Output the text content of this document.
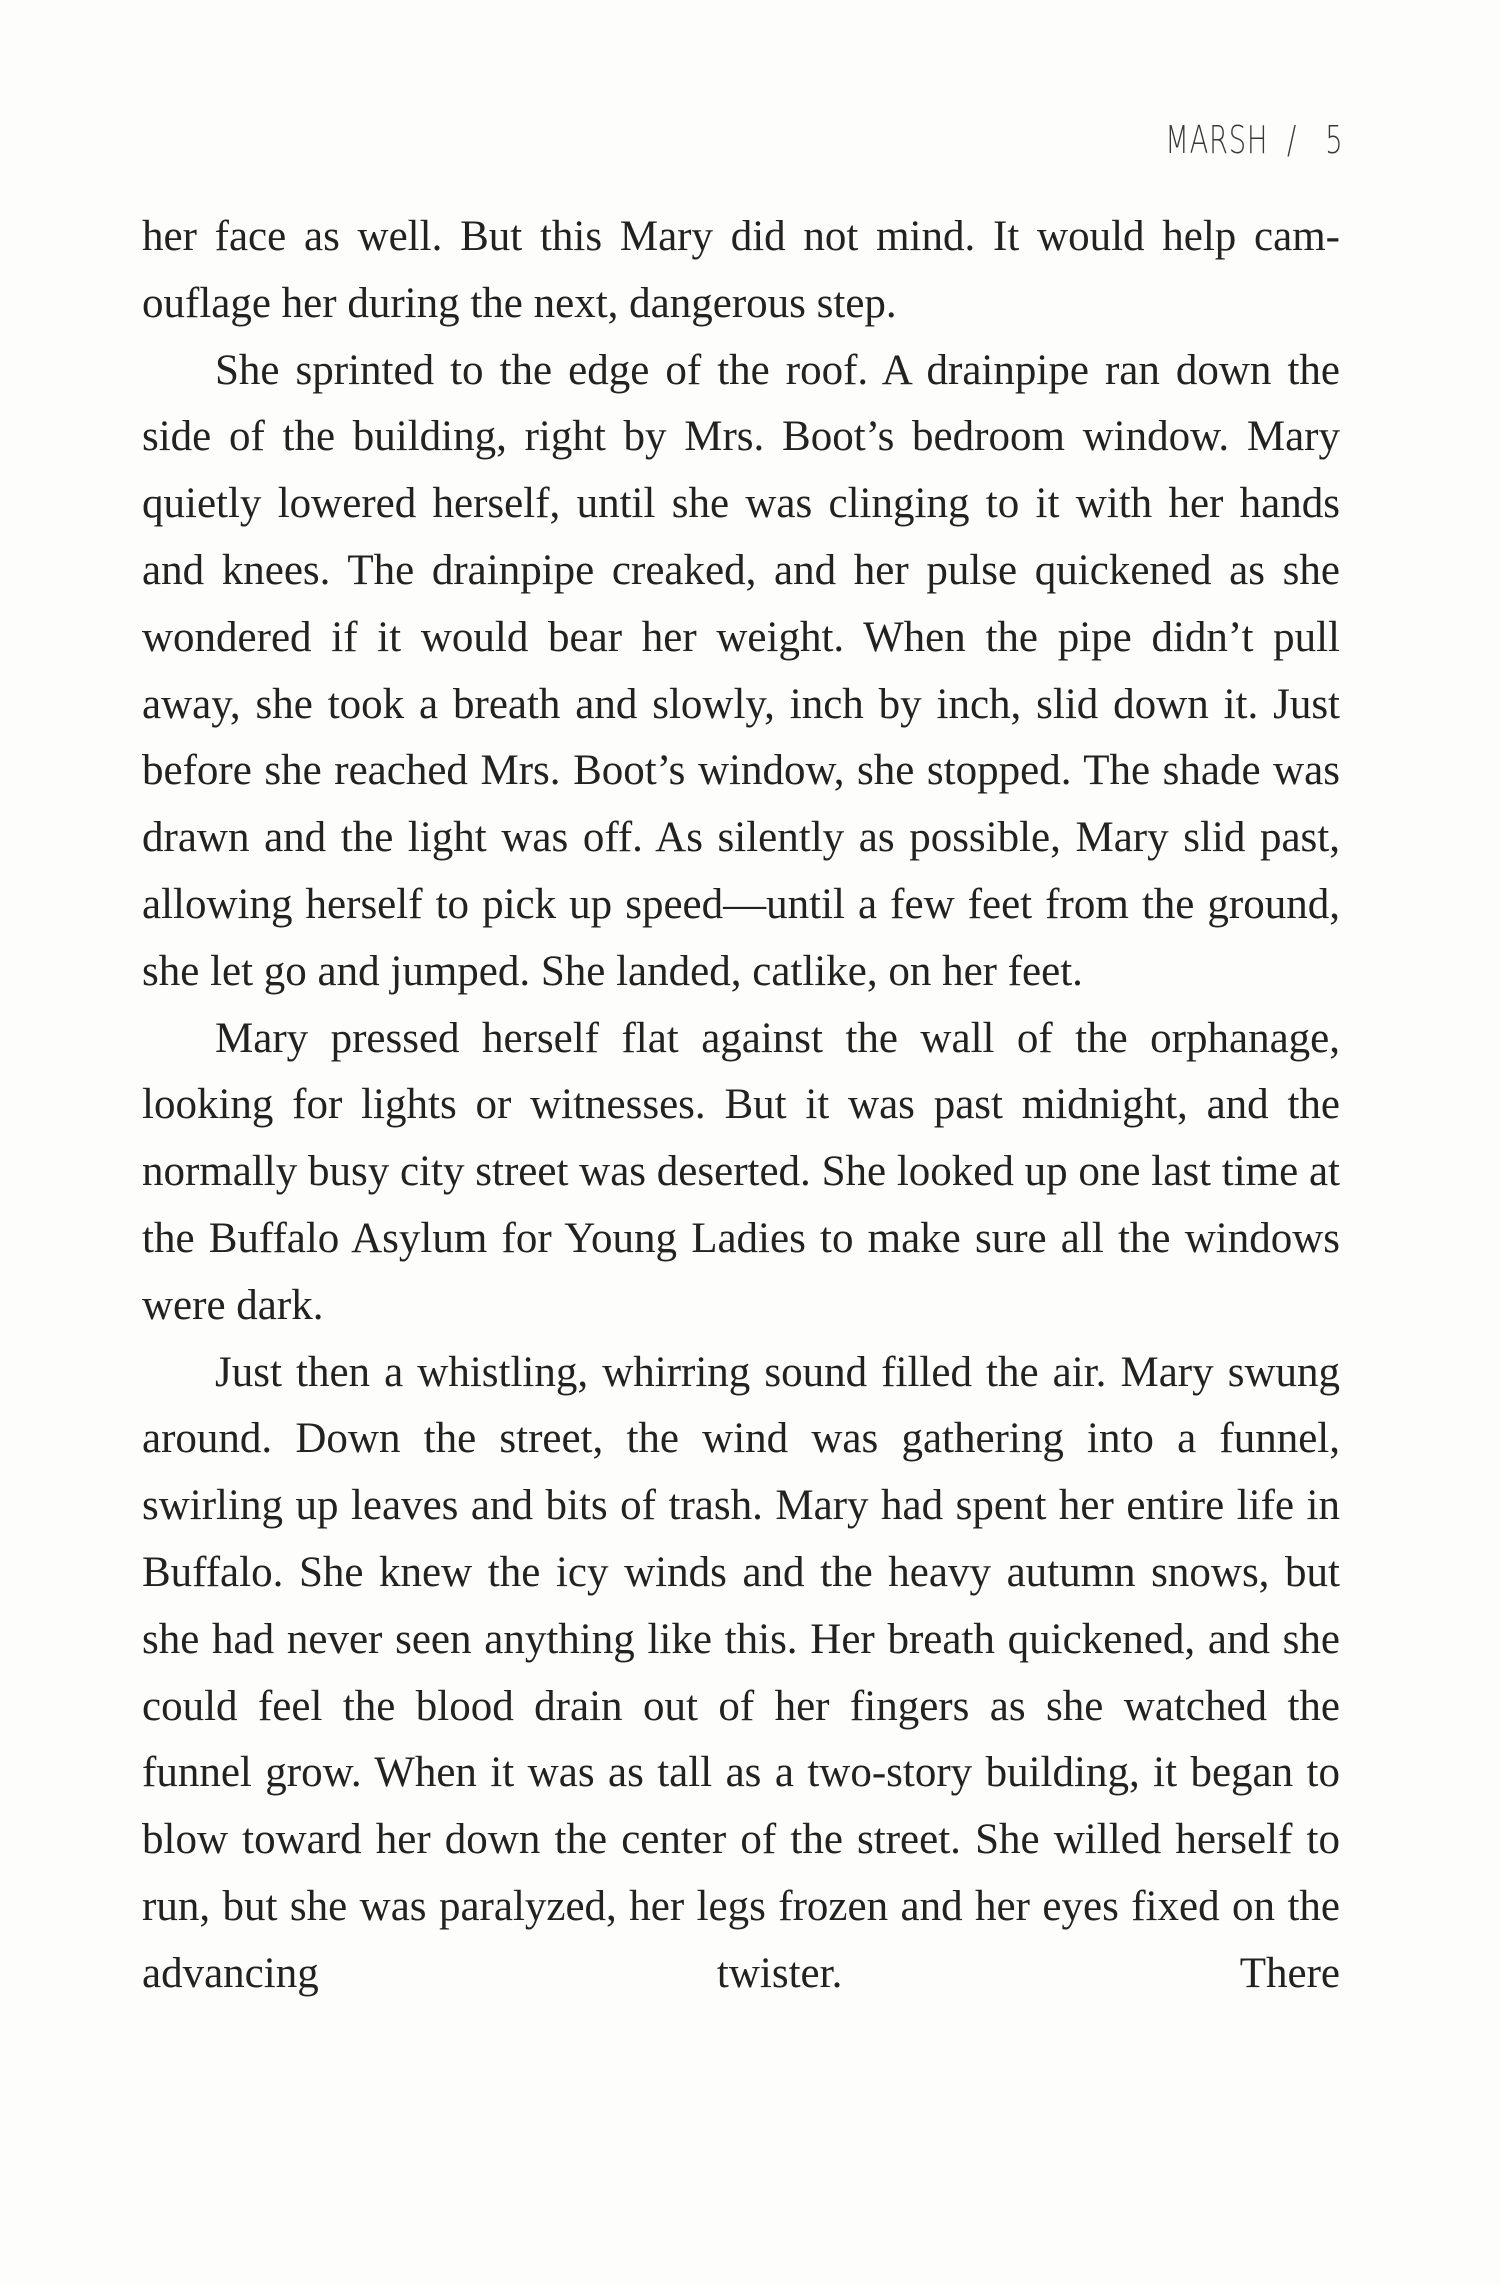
MARSH / 5

her face as well. But this Mary did not mind. It would help camouflage her during the next, dangerous step.

She sprinted to the edge of the roof. A drainpipe ran down the side of the building, right by Mrs. Boot’s bedroom window. Mary quietly lowered herself, until she was clinging to it with her hands and knees. The drainpipe creaked, and her pulse quickened as she wondered if it would bear her weight. When the pipe didn’t pull away, she took a breath and slowly, inch by inch, slid down it. Just before she reached Mrs. Boot’s window, she stopped. The shade was drawn and the light was off. As silently as possible, Mary slid past, allowing herself to pick up speed—until a few feet from the ground, she let go and jumped. She landed, catlike, on her feet.

Mary pressed herself flat against the wall of the orphanage, looking for lights or witnesses. But it was past midnight, and the normally busy city street was deserted. She looked up one last time at the Buffalo Asylum for Young Ladies to make sure all the windows were dark.

Just then a whistling, whirring sound filled the air. Mary swung around. Down the street, the wind was gathering into a funnel, swirling up leaves and bits of trash. Mary had spent her entire life in Buffalo. She knew the icy winds and the heavy autumn snows, but she had never seen anything like this. Her breath quickened, and she could feel the blood drain out of her fingers as she watched the funnel grow. When it was as tall as a two-story building, it began to blow toward her down the center of the street. She willed herself to run, but she was paralyzed, her legs frozen and her eyes fixed on the advancing twister. There
